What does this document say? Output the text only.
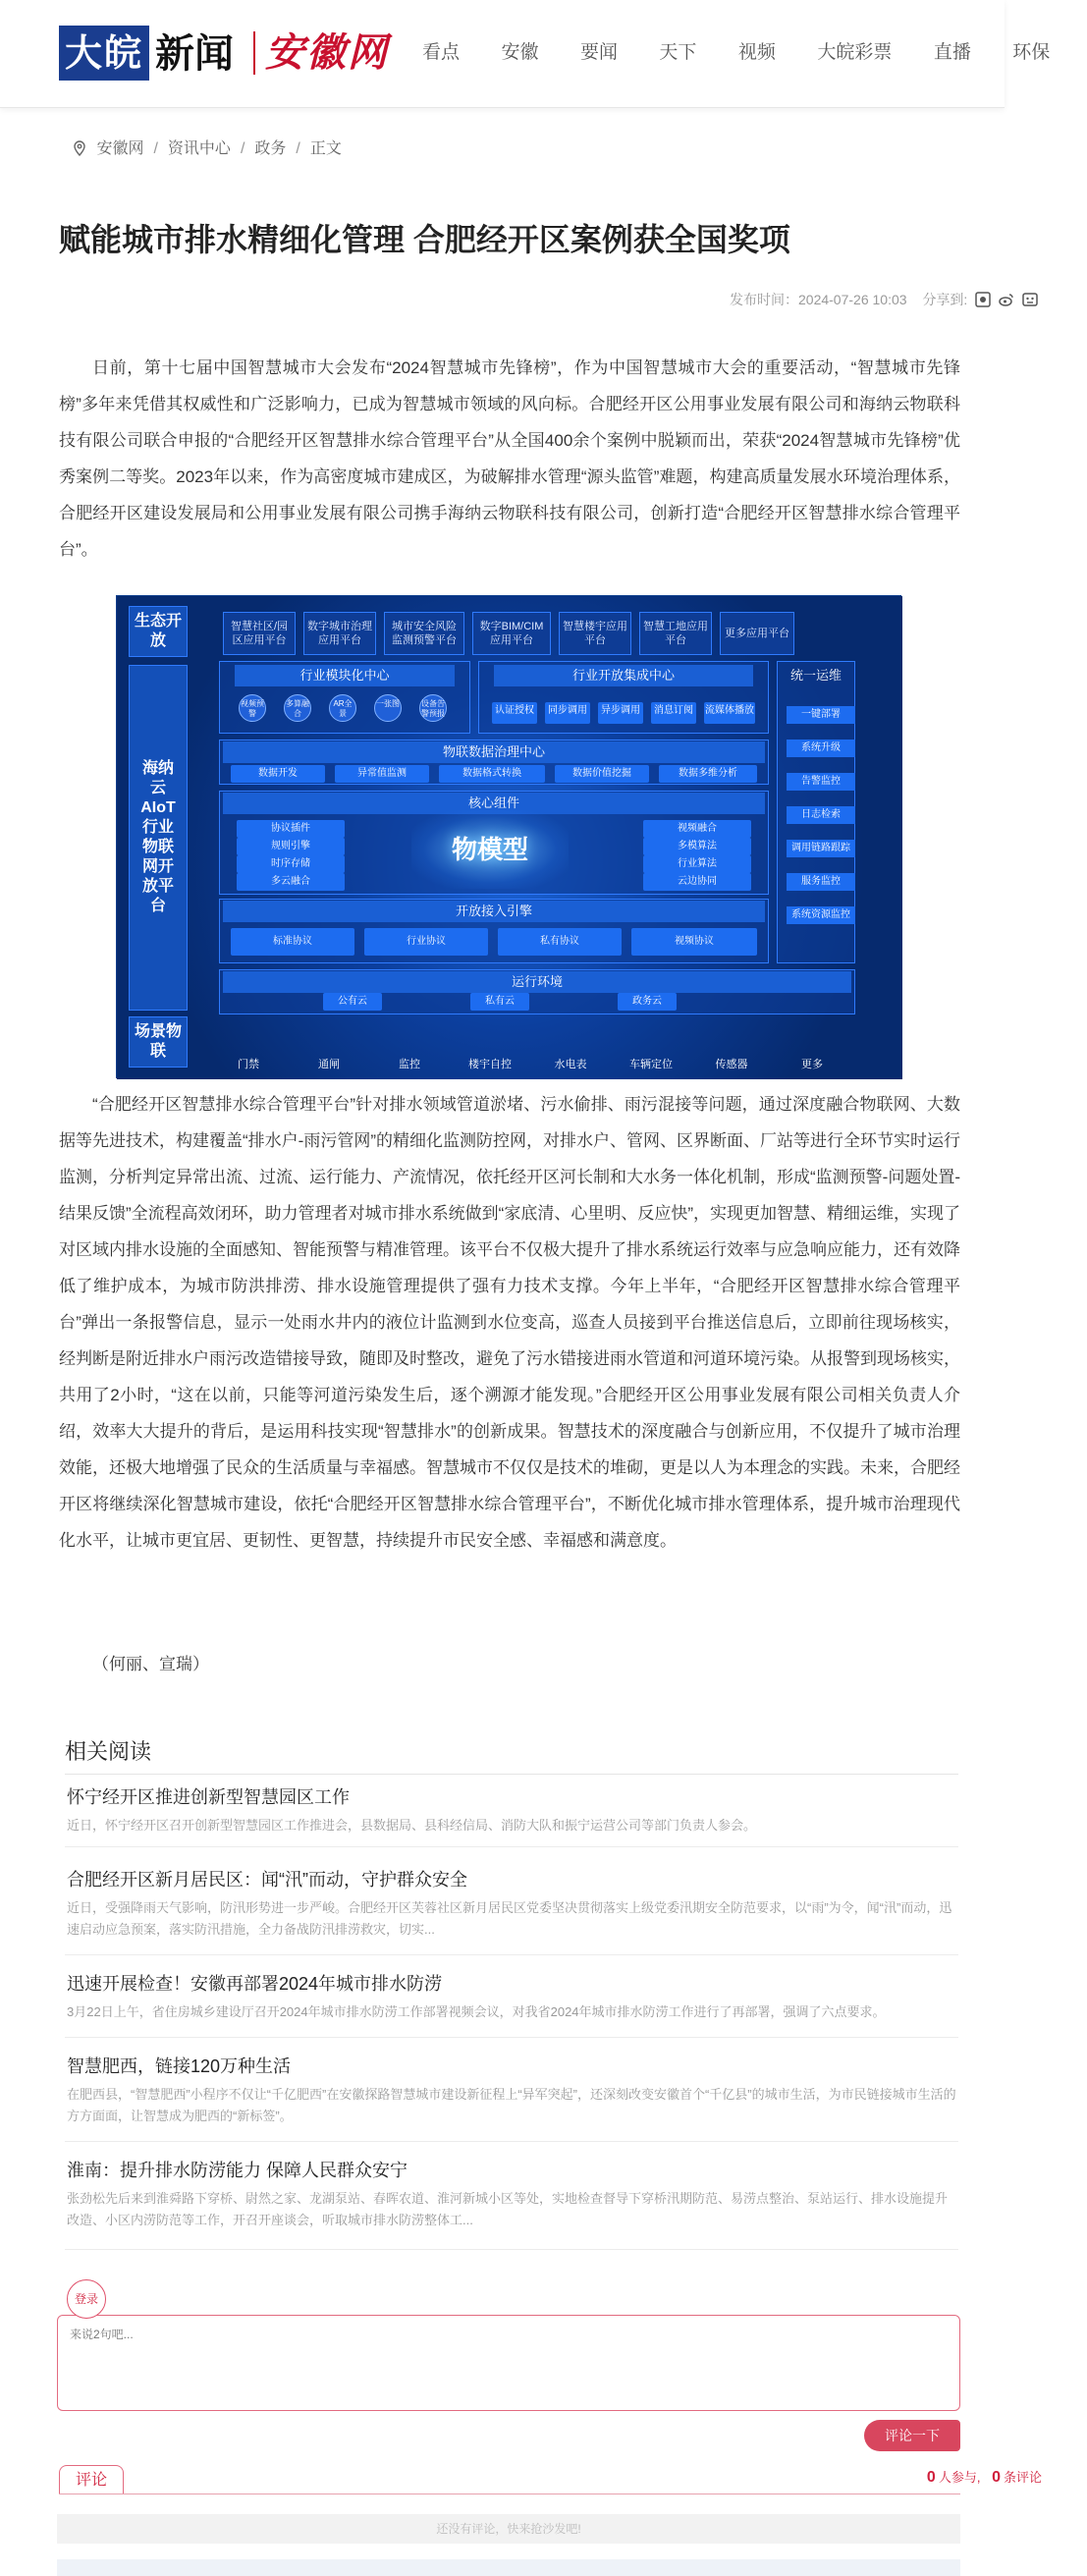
大皖 新闻 安徽网 看点 安徽 要闻 天下 视频 大皖彩票 直播 环保
安徽网 / 资讯中心 / 政务 / 正文
赋能城市排水精细化管理 合肥经开区案例获全国奖项
发布时间：2024-07-26 10:03 分享到:

日前，第十七届中国智慧城市大会发布“2024智慧城市先锋榜”，作为中国智慧城市大会的重要活动，“智慧城市先锋榜”多年来凭借其权威性和广泛影响力，已成为智慧城市领域的风向标。合肥经开区公用事业发展有限公司和海纳云物联科技有限公司联合申报的“合肥经开区智慧排水综合管理平台”从全国400余个案例中脱颖而出，荣获“2024智慧城市先锋榜”优秀案例二等奖。2023年以来，作为高密度城市建成区，为破解排水管理“源头监管”难题，构建高质量发展水环境治理体系，合肥经开区建设发展局和公用事业发展有限公司携手海纳云物联科技有限公司，创新打造“合肥经开区智慧排水综合管理平台”。

生态开放
海纳云AIoT行业物联网开放平台
场景物联
智慧社区/园区应用平台
数字城市治理应用平台
城市安全风险监测预警平台
数字BIM/CIM应用平台
智慧楼宇应用平台
智慧工地应用平台
更多应用平台
行业模块化中心
视频预警
多算融合
AR全景
一张图	设备告警预报
行业开放集成中心
认证授权	同步调用	异步调用	消息订阅	流媒体播放
物联数据治理中心
数据开发	异常值监测	数据格式转换	数据价值挖掘	数据多维分析
核心组件
协议插件
规则引擎
时序存储
多云融合
物模型
视频融合
多模算法
行业算法
云边协同
开放接入引擎
标准协议	行业协议	私有协议	视频协议
运行环境
公有云	私有云	政务云
统一运维
一键部署
系统升级
告警监控
日志检索
调用链路跟踪
服务监控
系统资源监控
门禁	通闸	监控	楼宇自控	水电表	车辆定位	传感器	更多

“合肥经开区智慧排水综合管理平台”针对排水领域管道淤堵、污水偷排、雨污混接等问题，通过深度融合物联网、大数据等先进技术，构建覆盖“排水户-雨污管网”的精细化监测防控网，对排水户、管网、区界断面、厂站等进行全环节实时运行监测，分析判定异常出流、过流、运行能力、产流情况，依托经开区河长制和大水务一体化机制，形成“监测预警-问题处置-结果反馈”全流程高效闭环，助力管理者对城市排水系统做到“家底清、心里明、反应快”，实现更加智慧、精细运维，实现了对区域内排水设施的全面感知、智能预警与精准管理。该平台不仅极大提升了排水系统运行效率与应急响应能力，还有效降低了维护成本，为城市防洪排涝、排水设施管理提供了强有力技术支撑。今年上半年，“合肥经开区智慧排水综合管理平台”弹出一条报警信息，显示一处雨水井内的液位计监测到水位变高，巡查人员接到平台推送信息后，立即前往现场核实，经判断是附近排水户雨污改造错接导致，随即及时整改，避免了污水错接进雨水管道和河道环境污染。从报警到现场核实，共用了2小时，“这在以前，只能等河道污染发生后，逐个溯源才能发现。”合肥经开区公用事业发展有限公司相关负责人介绍，效率大大提升的背后，是运用科技实现“智慧排水”的创新成果。智慧技术的深度融合与创新应用，不仅提升了城市治理效能，还极大地增强了民众的生活质量与幸福感。智慧城市不仅仅是技术的堆砌，更是以人为本理念的实践。未来，合肥经开区将继续深化智慧城市建设，依托“合肥经开区智慧排水综合管理平台”，不断优化城市排水管理体系，提升城市治理现代化水平，让城市更宜居、更韧性、更智慧，持续提升市民安全感、幸福感和满意度。

（何丽、宣瑞）

相关阅读
怀宁经开区推进创新型智慧园区工作
近日，怀宁经开区召开创新型智慧园区工作推进会，县数据局、县科经信局、消防大队和振宁运营公司等部门负责人参会。
合肥经开区新月居民区：闻“汛”而动，守护群众安全
近日，受强降雨天气影响，防汛形势进一步严峻。合肥经开区芙蓉社区新月居民区党委坚决贯彻落实上级党委汛期安全防范要求，以“雨”为令，闻“汛”而动，迅速启动应急预案，落实防汛措施，全力备战防汛排涝救灾，切实...
迅速开展检查！安徽再部署2024年城市排水防涝
3月22日上午，省住房城乡建设厅召开2024年城市排水防涝工作部署视频会议，对我省2024年城市排水防涝工作进行了再部署，强调了六点要求。
智慧肥西，链接120万种生活
在肥西县，“智慧肥西”小程序不仅让“千亿肥西”在安徽探路智慧城市建设新征程上“异军突起”，还深刻改变安徽首个“千亿县”的城市生活，为市民链接城市生活的方方面面，让智慧成为肥西的“新标签”。
淮南：提升排水防涝能力 保障人民群众安宁
张劲松先后来到淮舜路下穿桥、尉然之家、龙湖泵站、春晖农道、淮河新城小区等处，实地检查督导下穿桥汛期防范、易涝点整治、泵站运行、排水设施提升改造、小区内涝防范等工作，开召开座谈会，听取城市排水防涝整体工...
来说2句吧...
登录
评论一下
评论	0 人参与, 0 条评论
还没有评论，快来抢沙发吧!
